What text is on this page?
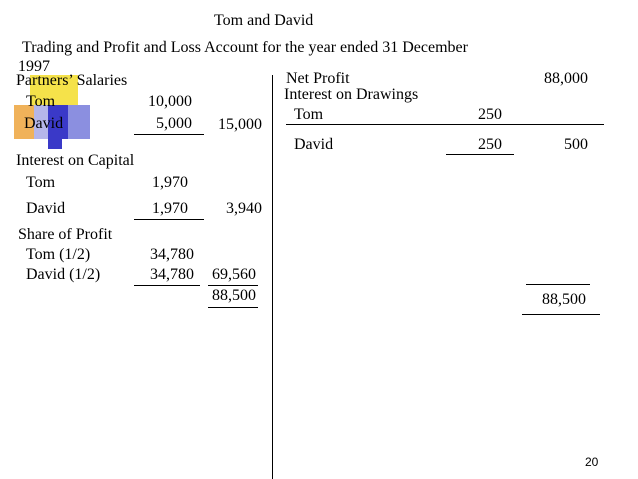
Tom and David
Trading and Profit and Loss Account for the year ended 31 December
1997
Partners’ Salaries
Tom	10,000
David	5,000	15,000
Interest on Capital
Tom	1,970
David	1,970	3,940
Share of Profit
Tom (1/2)	34,780
David (1/2)	34,780	69,560
88,500
Net Profit	88,000
Interest on Drawings
Tom	250
David	250	500
88,500
20
